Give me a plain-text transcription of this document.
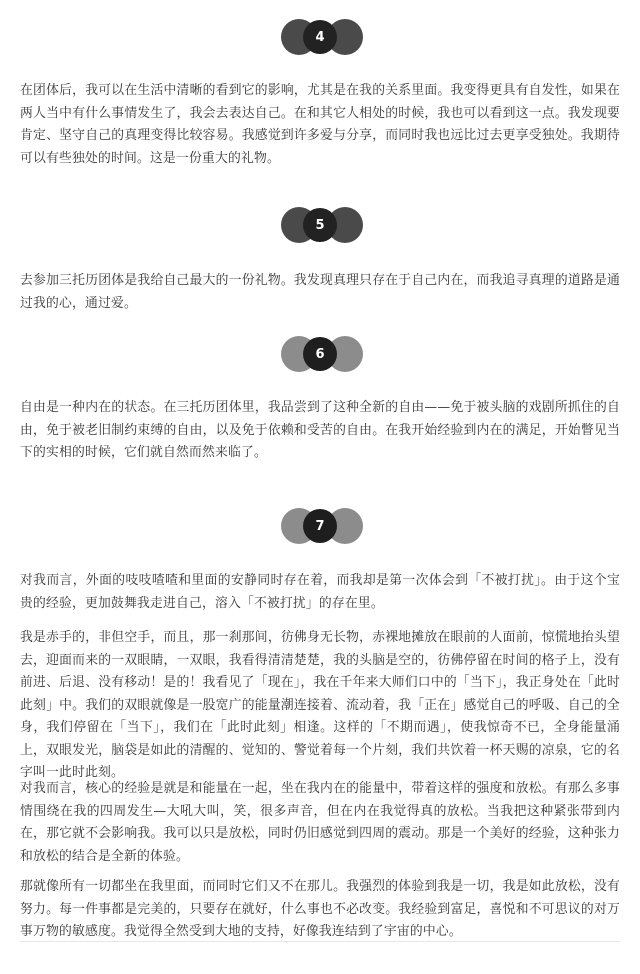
4

在团体后，我可以在生活中清晰的看到它的影响，尤其是在我的关系里面。我变得更具有自发性，如果在两人当中有什么事情发生了，我会去表达自己。在和其它人相处的时候，我也可以看到这一点。我发现要肯定、坚守自己的真理变得比较容易。我感觉到许多爱与分享，而同时我也远比过去更享受独处。我期待可以有些独处的时间。这是一份重大的礼物。

5

去参加三托历团体是我给自己最大的一份礼物。我发现真理只存在于自己内在，而我追寻真理的道路是通过我的心，通过爱。

6

自由是一种内在的状态。在三托历团体里，我品尝到了这种全新的自由——免于被头脑的戏剧所抓住的自由，免于被老旧制约束缚的自由，以及免于依赖和受苦的自由。在我开始经验到内在的满足，开始瞥见当下的实相的时候，它们就自然而然来临了。

7

对我而言，外面的吱吱喳喳和里面的安静同时存在着，而我却是第一次体会到「不被打扰」。由于这个宝贵的经验，更加鼓舞我走进自己，溶入「不被打扰」的存在里。

我是赤手的，非但空手，而且，那一刹那间，彷佛身无长物，赤裸地摊放在眼前的人面前，惊慌地抬头望去，迎面而来的一双眼睛，一双眼，我看得清清楚楚，我的头脑是空的，彷佛停留在时间的格子上，没有前进、后退、没有移动！是的！我看见了「现在」，我在千年来大师们口中的「当下」，我正身处在「此时此刻」中。我们的双眼就像是一股宽广的能量潮连接着、流动着，我「正在」感觉自己的呼吸、自己的全身，我们停留在「当下」，我们在「此时此刻」相逢。这样的「不期而遇」，使我惊奇不已，全身能量涌上，双眼发光，脑袋是如此的清醒的、觉知的、警觉着每一个片刻，我们共饮着一杯天赐的凉泉，它的名字叫一此时此刻。

对我而言，核心的经验是就是和能量在一起，坐在我内在的能量中，带着这样的强度和放松。有那么多事情围绕在我的四周发生—大吼大叫，笑，很多声音，但在内在我觉得真的放松。当我把这种紧张带到内在，那它就不会影响我。我可以只是放松，同时仍旧感觉到四周的震动。那是一个美好的经验，这种张力和放松的结合是全新的体验。

那就像所有一切都坐在我里面，而同时它们又不在那儿。我强烈的体验到我是一切，我是如此放松，没有努力。每一件事都是完美的，只要存在就好，什么事也不必改变。我经验到富足，喜悦和不可思议的对万事万物的敏感度。我觉得全然受到大地的支持，好像我连结到了宇宙的中心。
